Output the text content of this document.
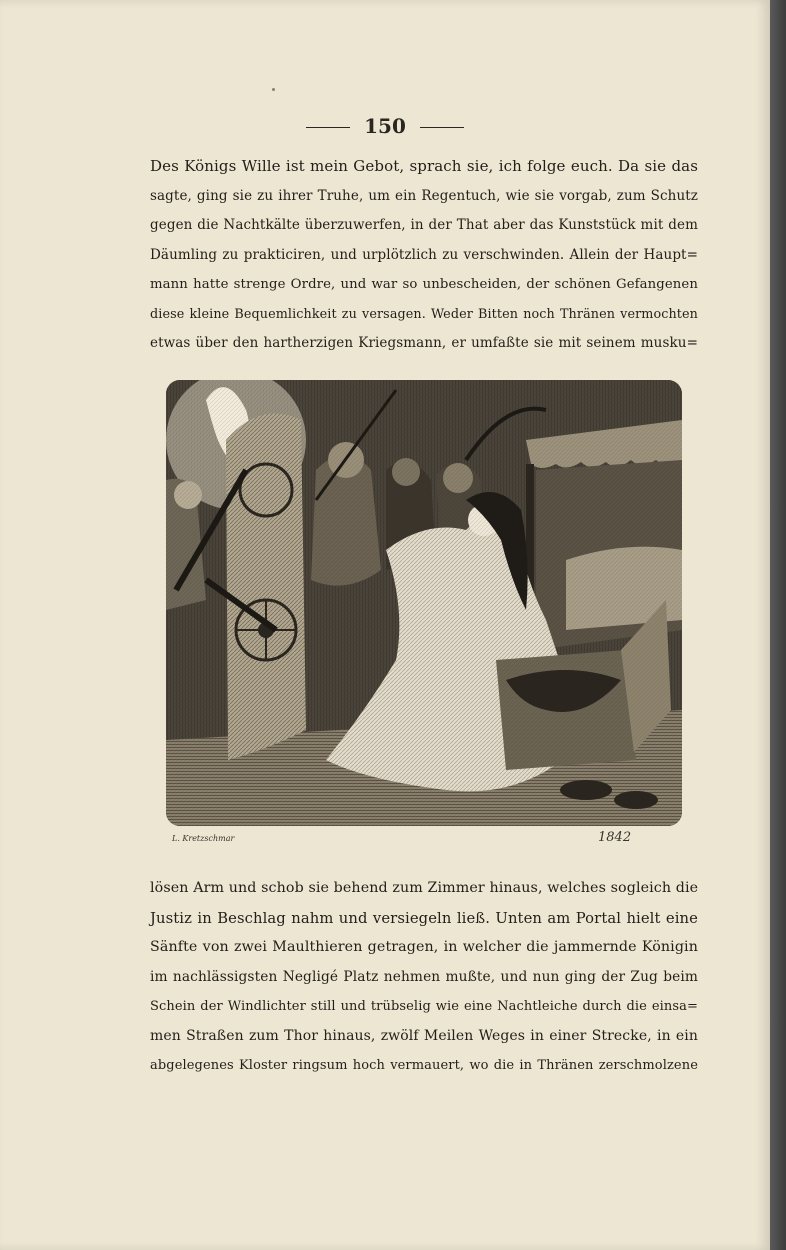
150
Des Königs Wille ist mein Gebot, sprach sie, ich folge euch. Da sie das
sagte, ging sie zu ihrer Truhe, um ein Regentuch, wie sie vorgab, zum Schutz
gegen die Nachtkälte überzuwerfen, in der That aber das Kunststück mit dem
Däumling zu prakticiren, und urplötzlich zu verschwinden. Allein der Haupt=
mann hatte strenge Ordre, und war so unbescheiden, der schönen Gefangenen
diese kleine Bequemlichkeit zu versagen. Weder Bitten noch Thränen vermochten
etwas über den hartherzigen Kriegsmann, er umfaßte sie mit seinem musku=
L. Kretzschmar	1842
lösen Arm und schob sie behend zum Zimmer hinaus, welches sogleich die
Justiz in Beschlag nahm und versiegeln ließ. Unten am Portal hielt eine
Sänfte von zwei Maulthieren getragen, in welcher die jammernde Königin
im nachlässigsten Negligé Platz nehmen mußte, und nun ging der Zug beim
Schein der Windlichter still und trübselig wie eine Nachtleiche durch die einsa=
men Straßen zum Thor hinaus, zwölf Meilen Weges in einer Strecke, in ein
abgelegenes Kloster ringsum hoch vermauert, wo die in Thränen zerschmolzene
